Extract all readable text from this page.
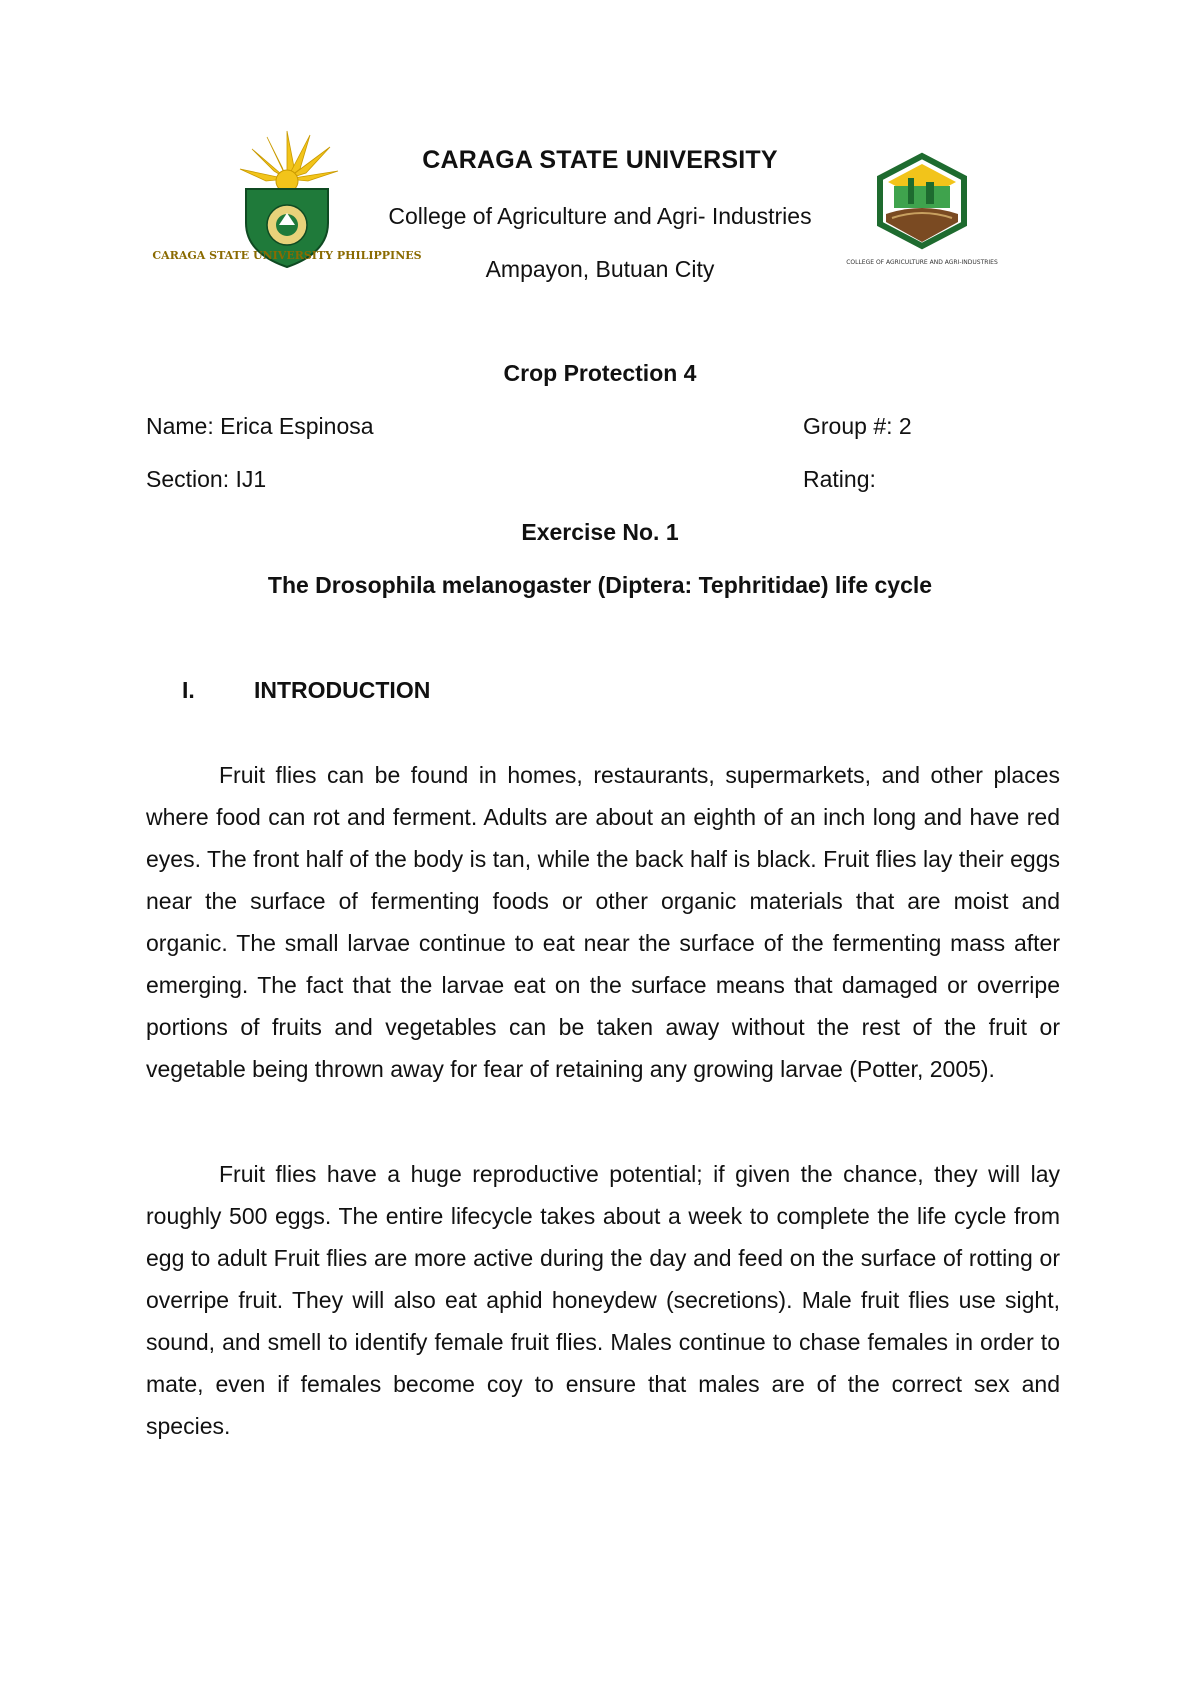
CARAGA STATE UNIVERSITY PHILIPPINES
COLLEGE OF AGRICULTURE AND AGRI-INDUSTRIES
CARAGA STATE UNIVERSITY
College of Agriculture and Agri- Industries
Ampayon, Butuan City
Crop Protection 4
Name: Erica Espinosa	Group #: 2
Section: IJ1	Rating:
Exercise No. 1
The Drosophila melanogaster (Diptera: Tephritidae) life cycle
I.	INTRODUCTION

Fruit flies can be found in homes, restaurants, supermarkets, and other places where food can rot and ferment. Adults are about an eighth of an inch long and have red eyes. The front half of the body is tan, while the back half is black. Fruit flies lay their eggs near the surface of fermenting foods or other organic materials that are moist and organic. The small larvae continue to eat near the surface of the fermenting mass after emerging. The fact that the larvae eat on the surface means that damaged or overripe portions of fruits and vegetables can be taken away without the rest of the fruit or vegetable being thrown away for fear of retaining any growing larvae (Potter, 2005).

Fruit flies have a huge reproductive potential; if given the chance, they will lay roughly 500 eggs. The entire lifecycle takes about a week to complete the life cycle from egg to adult Fruit flies are more active during the day and feed on the surface of rotting or overripe fruit. They will also eat aphid honeydew (secretions). Male fruit flies use sight, sound, and smell to identify female fruit flies. Males continue to chase females in order to mate, even if females become coy to ensure that males are of the correct sex and species.
